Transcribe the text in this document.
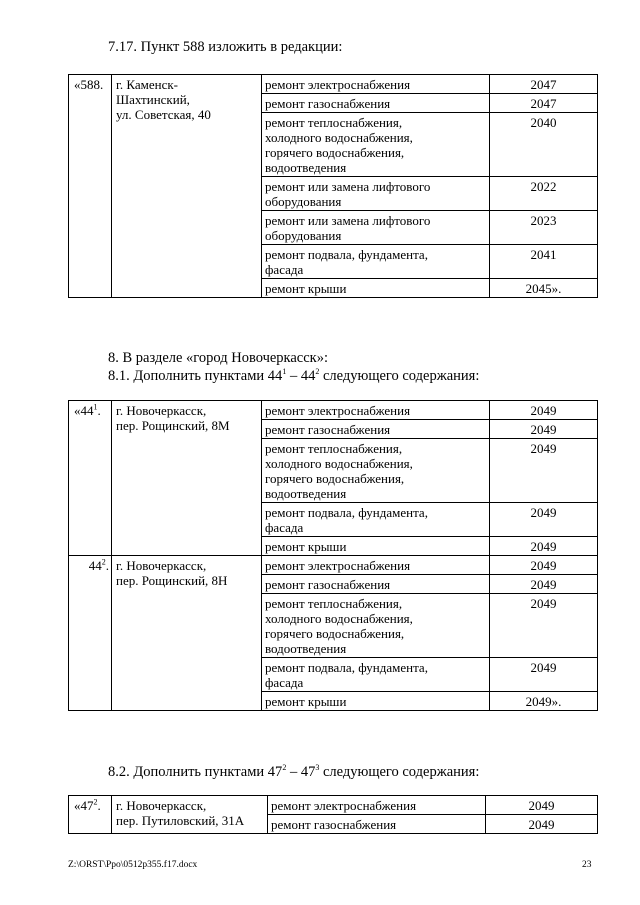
7.17. Пункт 588 изложить в редакции:
«588.	г. Каменск-
Шахтинский,
ул. Советская, 40	ремонт электроснабжения	2047
		ремонт газоснабжения	2047
		ремонт теплоснабжения,
холодного водоснабжения,
горячего водоснабжения,
водоотведения	2040
		ремонт или замена лифтового
оборудования	2022
		ремонт или замена лифтового
оборудования	2023
		ремонт подвала, фундамента,
фасада	2041
		ремонт крыши	2045».
8. В разделе «город Новочеркасск»:
8.1. Дополнить пунктами $44^1 - 44^2$ следующего содержания:
«$44^1$.	г. Новочеркасск,
пер. Рощинский, 8М	ремонт электроснабжения	2049
		ремонт газоснабжения	2049
		ремонт теплоснабжения,
холодного водоснабжения,
горячего водоснабжения,
водоотведения	2049
		ремонт подвала, фундамента,
фасада	2049
		ремонт крыши	2049
$44^2$.	г. Новочеркасск,
пер. Рощинский, 8Н	ремонт электроснабжения	2049
		ремонт газоснабжения	2049
		ремонт теплоснабжения,
холодного водоснабжения,
горячего водоснабжения,
водоотведения	2049
		ремонт подвала, фундамента,
фасада	2049
		ремонт крыши	2049».
8.2. Дополнить пунктами $47^2 - 47^3$ следующего содержания:
«$47^2$.	г. Новочеркасск,
пер. Путиловский, 31А	ремонт электроснабжения	2049
		ремонт газоснабжения	2049
Z:\ORST\Ppo\0512p355.f17.docx	23
